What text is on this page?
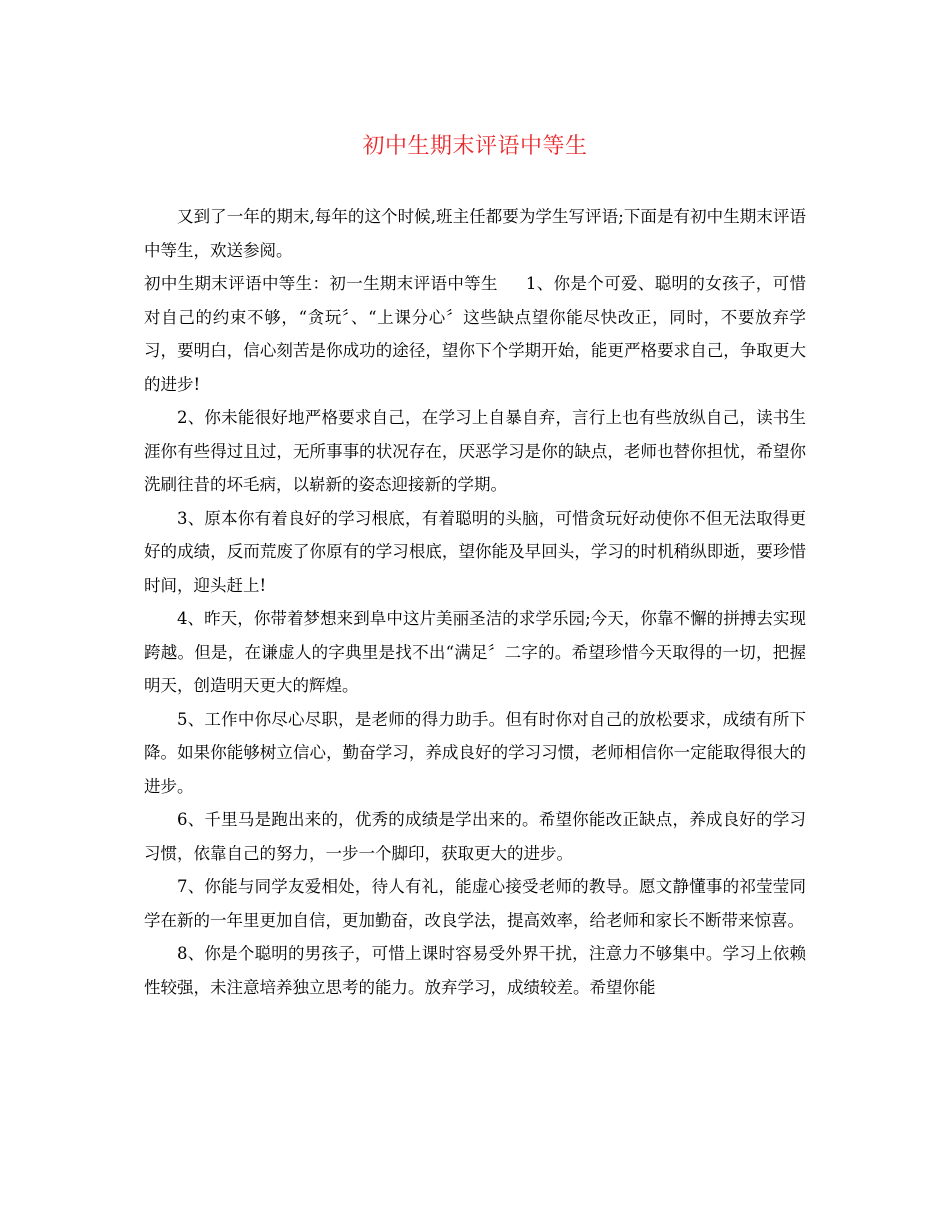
初中生期末评语中等生

又到了一年的期末,每年的这个时候,班主任都要为学生写评语;下面是有初中生期末评语中等生，欢送参阅。

初中生期末评语中等生：初一生期末评语中等生 1、你是个可爱、聪明的女孩子，可惜对自己的约束不够，“贪玩〞、“上课分心〞这些缺点望你能尽快改正，同时，不要放弃学习，要明白，信心刻苦是你成功的途径，望你下个学期开始，能更严格要求自己，争取更大的进步!

2、你未能很好地严格要求自己，在学习上自暴自弃，言行上也有些放纵自己，读书生涯你有些得过且过，无所事事的状况存在，厌恶学习是你的缺点，老师也替你担忧，希望你洗刷往昔的坏毛病，以崭新的姿态迎接新的学期。

3、原本你有着良好的学习根底，有着聪明的头脑，可惜贪玩好动使你不但无法取得更好的成绩，反而荒废了你原有的学习根底，望你能及早回头，学习的时机稍纵即逝，要珍惜时间，迎头赶上!

4、昨天，你带着梦想来到阜中这片美丽圣洁的求学乐园;今天，你靠不懈的拼搏去实现跨越。但是，在谦虚人的字典里是找不出“满足〞二字的。希望珍惜今天取得的一切，把握明天，创造明天更大的辉煌。

5、工作中你尽心尽职，是老师的得力助手。但有时你对自己的放松要求，成绩有所下降。如果你能够树立信心，勤奋学习，养成良好的学习习惯，老师相信你一定能取得很大的进步。

6、千里马是跑出来的，优秀的成绩是学出来的。希望你能改正缺点，养成良好的学习习惯，依靠自己的努力，一步一个脚印，获取更大的进步。

7、你能与同学友爱相处，待人有礼，能虚心接受老师的教导。愿文静懂事的祁莹莹同学在新的一年里更加自信，更加勤奋，改良学法，提高效率，给老师和家长不断带来惊喜。

8、你是个聪明的男孩子，可惜上课时容易受外界干扰，注意力不够集中。学习上依赖性较强，未注意培养独立思考的能力。放弃学习，成绩较差。希望你能
